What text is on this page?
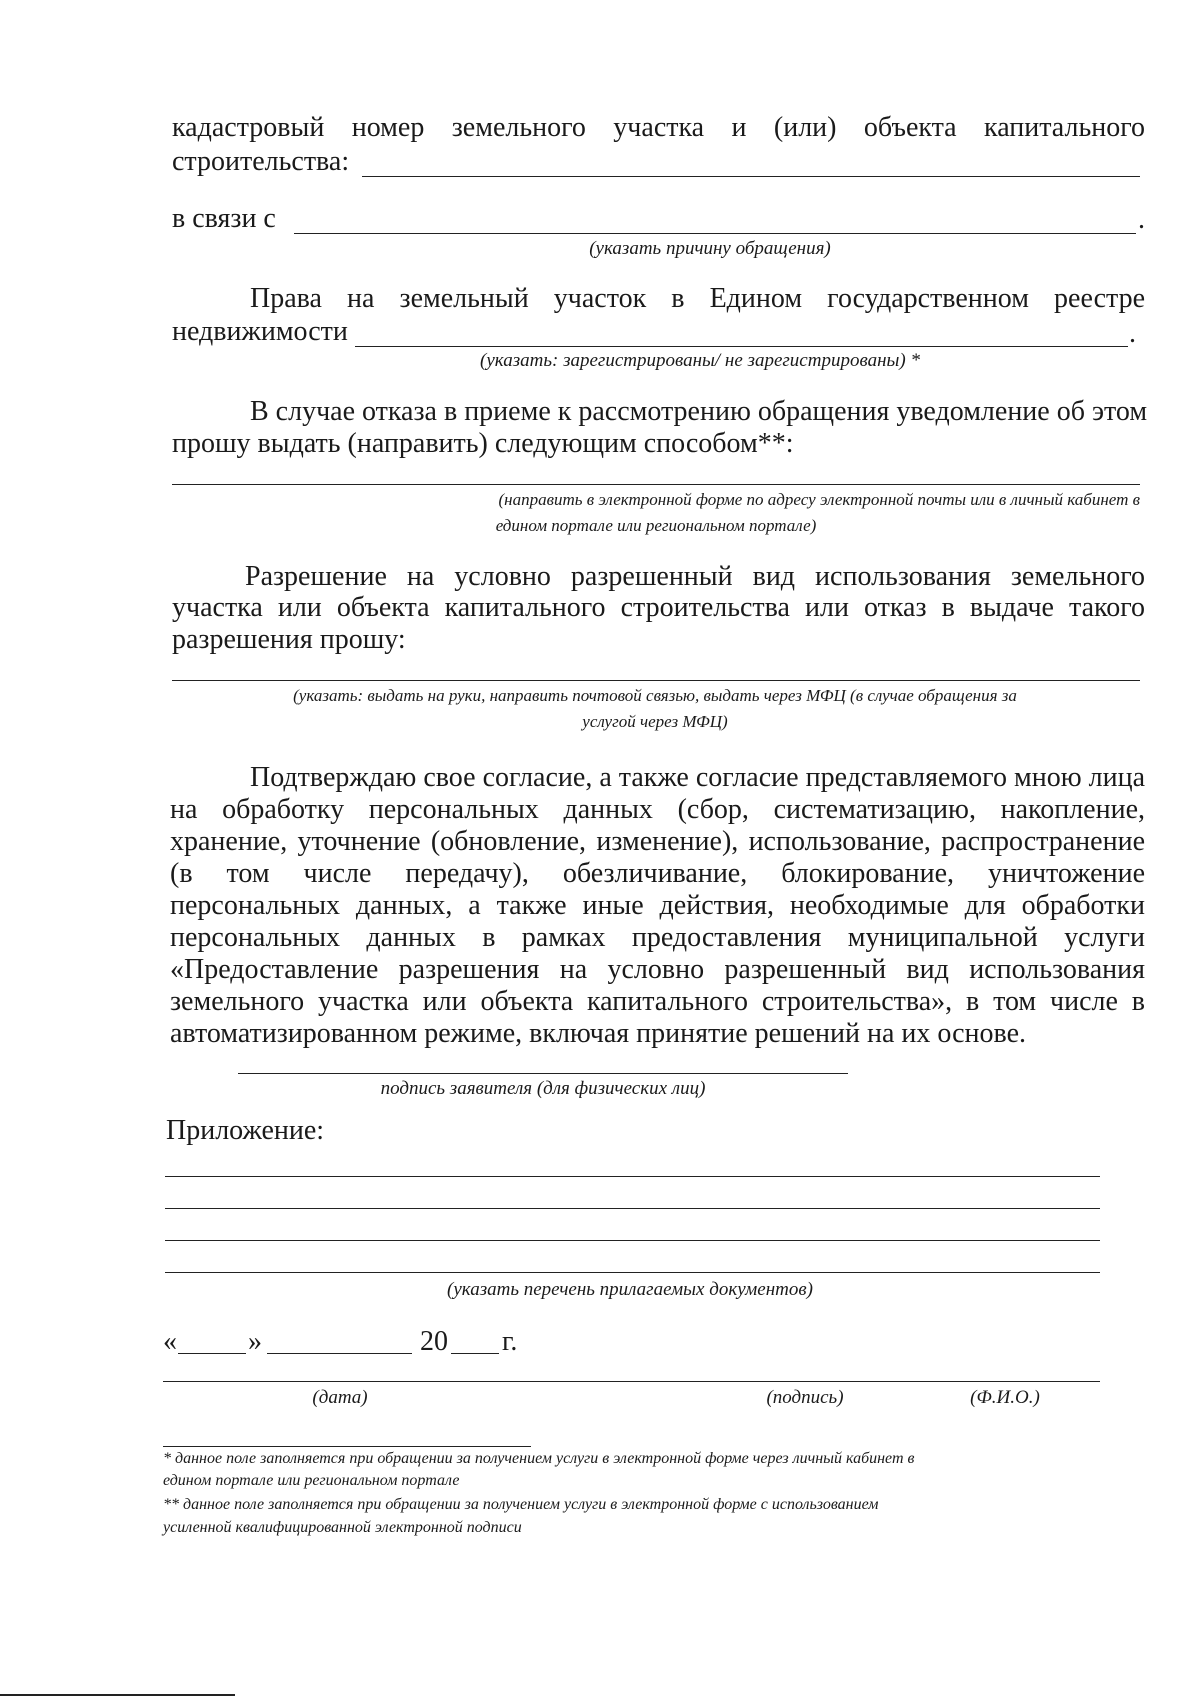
кадастровый номер земельного участка и (или) объекта капитального
строительства:
в связи с	.
(указать причину обращения)
Права на земельный участок в Едином государственном реестре
недвижимости	.
(указать: зарегистрированы/ не зарегистрированы) *
В случае отказа в приеме к рассмотрению обращения уведомление об этом
прошу выдать (направить) следующим способом**:
(направить в электронной форме по адресу электронной почты или в личный кабинет в
едином портале или региональном портале)
Разрешение на условно разрешенный вид использования земельного
участка или объекта капитального строительства или отказ в выдаче такого
разрешения прошу:
(указать: выдать на руки, направить почтовой связью, выдать через МФЦ (в случае обращения за
услугой через МФЦ)
Подтверждаю свое согласие, а также согласие представляемого мною лица
на обработку персональных данных (сбор, систематизацию, накопление,
хранение, уточнение (обновление, изменение), использование, распространение
(в том числе передачу), обезличивание, блокирование, уничтожение
персональных данных, а также иные действия, необходимые для обработки
персональных данных в рамках предоставления муниципальной услуги
«Предоставление разрешения на условно разрешенный вид использования
земельного участка или объекта капитального строительства», в том числе в
автоматизированном режиме, включая принятие решений на их основе.
подпись заявителя (для физических лиц)
Приложение:
(указать перечень прилагаемых документов)
«	»	20 г.
(дата)	(подпись)	(Ф.И.О.)
* данное поле заполняется при обращении за получением услуги в электронной форме через личный кабинет в
едином портале или региональном портале
** данное поле заполняется при обращении за получением услуги в электронной форме с использованием
усиленной квалифицированной электронной подписи
